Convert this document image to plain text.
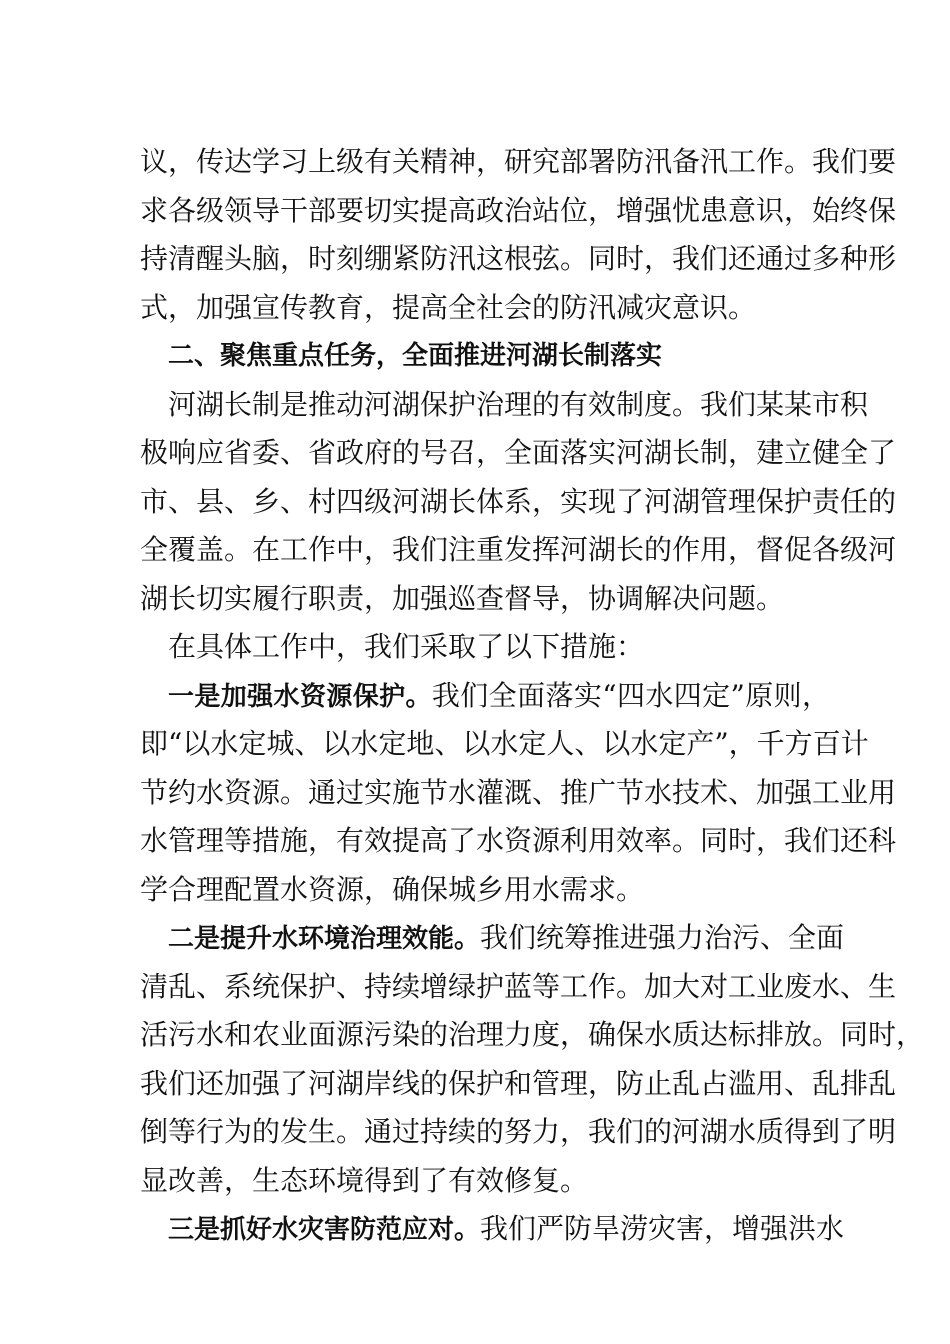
议，传达学习上级有关精神，研究部署防汛备汛工作。我们要
求各级领导干部要切实提高政治站位，增强忧患意识，始终保
持清醒头脑，时刻绷紧防汛这根弦。同时，我们还通过多种形
式，加强宣传教育，提高全社会的防汛减灾意识。
二、聚焦重点任务，全面推进河湖长制落实
河湖长制是推动河湖保护治理的有效制度。我们某某市积
极响应省委、省政府的号召，全面落实河湖长制，建立健全了
市、县、乡、村四级河湖长体系，实现了河湖管理保护责任的
全覆盖。在工作中，我们注重发挥河湖长的作用，督促各级河
湖长切实履行职责，加强巡查督导，协调解决问题。
在具体工作中，我们采取了以下措施：
一是加强水资源保护。我们全面落实“四水四定”原则，
即“以水定城、以水定地、以水定人、以水定产”，千方百计
节约水资源。通过实施节水灌溉、推广节水技术、加强工业用
水管理等措施，有效提高了水资源利用效率。同时，我们还科
学合理配置水资源，确保城乡用水需求。
二是提升水环境治理效能。我们统筹推进强力治污、全面
清乱、系统保护、持续增绿护蓝等工作。加大对工业废水、生
活污水和农业面源污染的治理力度，确保水质达标排放。同时，
我们还加强了河湖岸线的保护和管理，防止乱占滥用、乱排乱
倒等行为的发生。通过持续的努力，我们的河湖水质得到了明
显改善，生态环境得到了有效修复。
三是抓好水灾害防范应对。我们严防旱涝灾害，增强洪水
